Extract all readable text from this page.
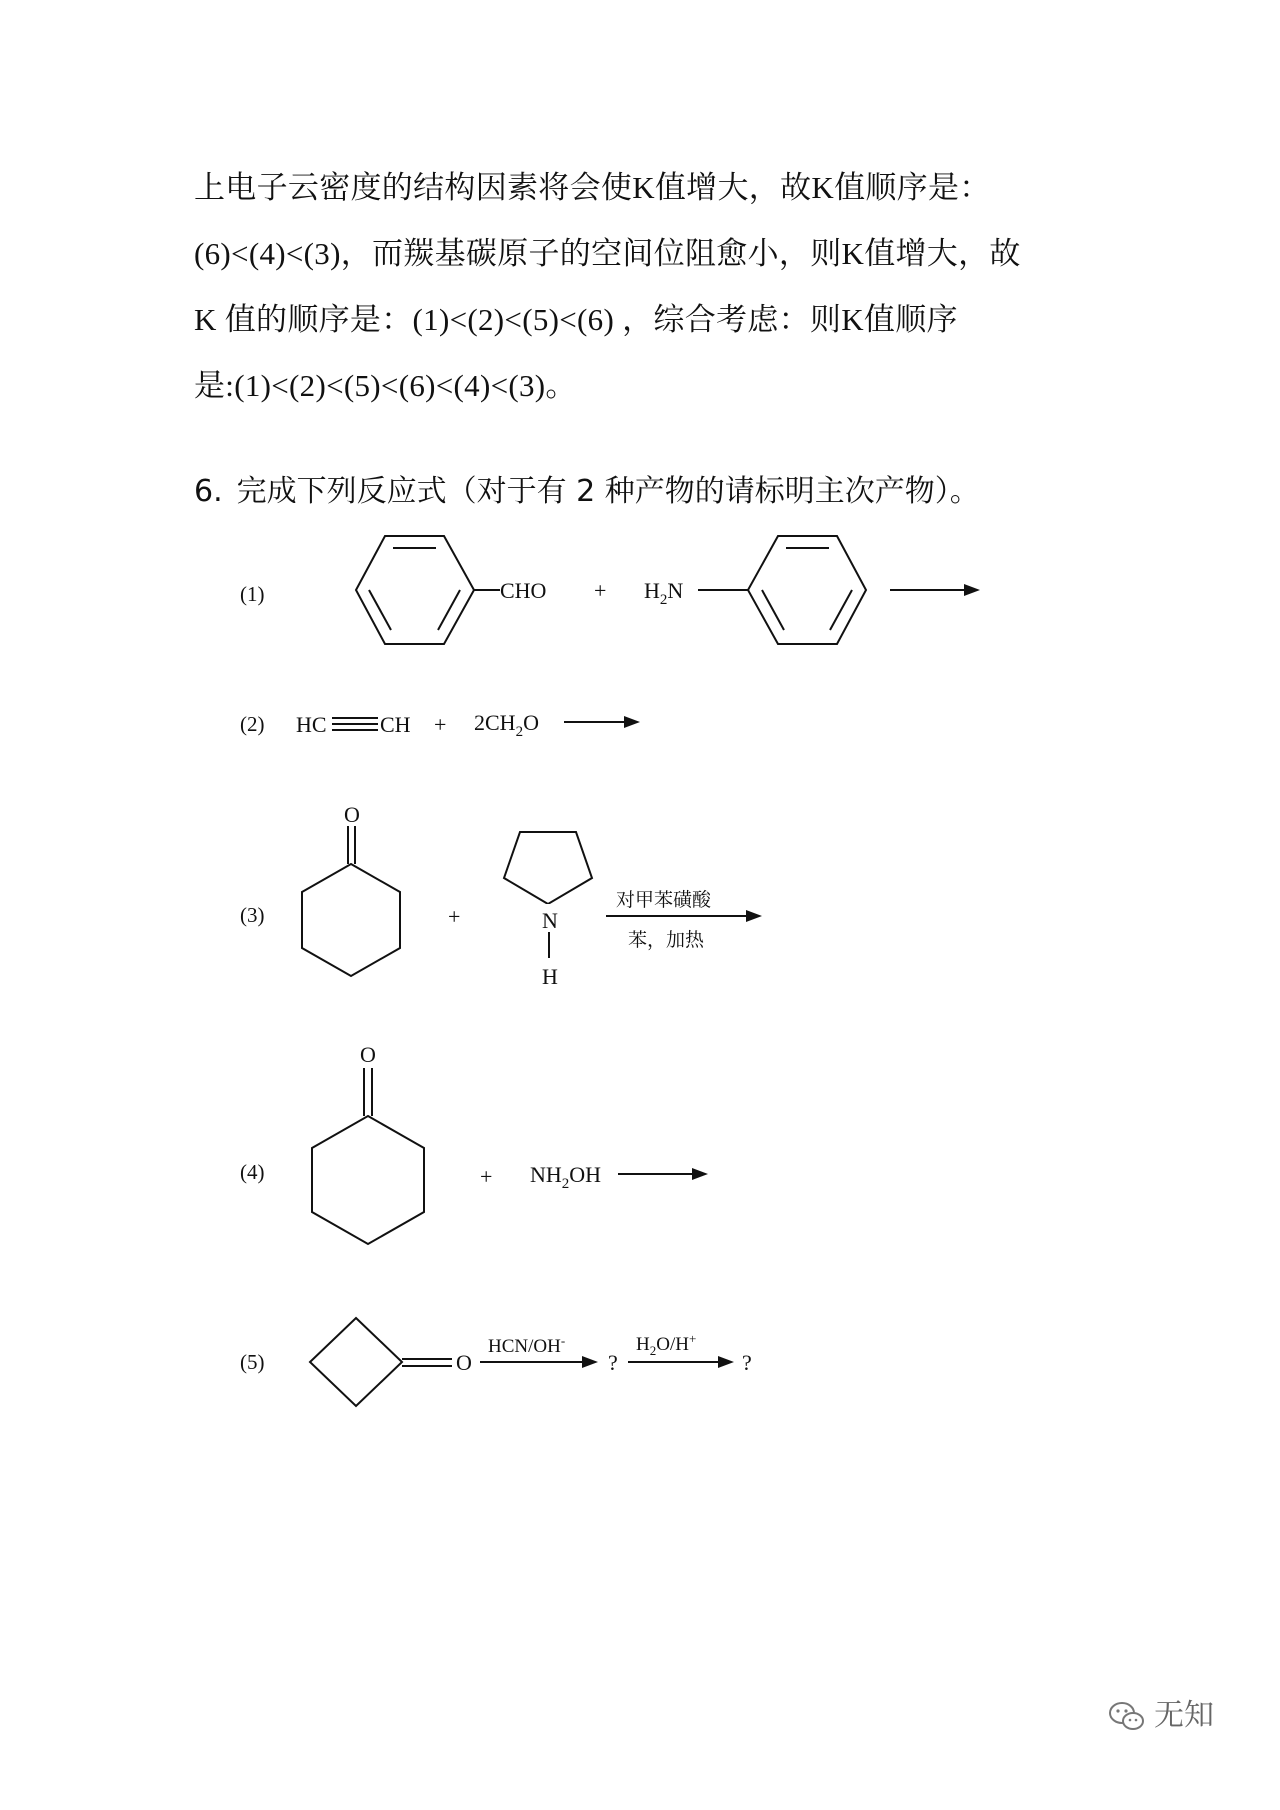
上电子云密度的结构因素将会使K值增大，故K值顺序是：
(6)<(4)<(3)，而羰基碳原子的空间位阻愈小，则K值增大，故
K 值的顺序是：(1)<(2)<(5)<(6) ，综合考虑：则K值顺序
是:(1)<(2)<(5)<(6)<(4)<(3)。
6. 完成下列反应式（对于有 2 种产物的请标明主次产物）。
(1)	CHO + $H_2N$
(2) HC CH + $2CH_2O$
(3)
O
+	N
H
对甲苯磺酸
苯，加热
(4)
O
+ $NH_2OH$
(5)	O
HCN/OH-
?
$H_2O/H^+$
?
无知
